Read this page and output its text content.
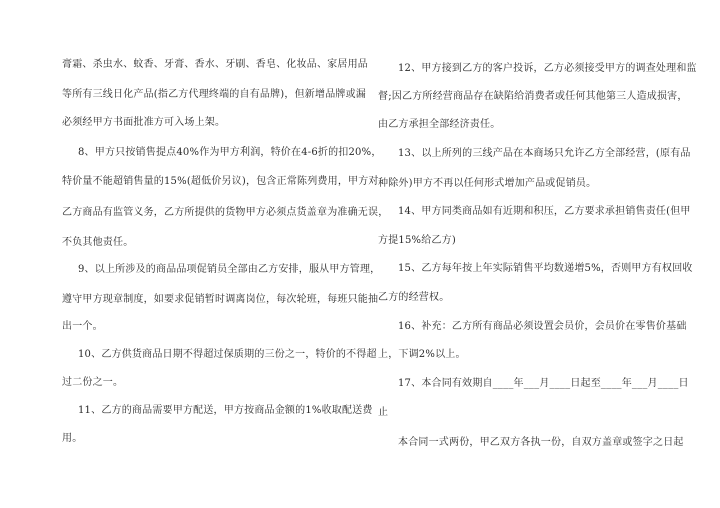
膏霜、杀虫水、蚊香、牙膏、香水、牙刷、香皂、化妆品、家居用品
等所有三线日化产品(指乙方代理终端的自有品牌)，但新增品牌或漏
必须经甲方书面批准方可入场上架。
8、甲方只按销售提点40%作为甲方利润，特价在4-6折的扣20%，
特价量不能超销售量的15%(超低价另议)，包含正常陈列费用，甲方对
乙方商品有监管义务，乙方所提供的货物甲方必须点货盖章为准确无误，
不负其他责任。
9、以上所涉及的商品品项促销员全部由乙方安排，服从甲方管理，
遵守甲方现章制度，如要求促销暂时调离岗位，每次轮班，每班只能抽
出一个。
10、乙方供货商品日期不得超过保质期的三份之一，特价的不得超
过二份之一。
11、乙方的商品需要甲方配送，甲方按商品金额的1%收取配送费
用。
12、甲方接到乙方的客户投诉，乙方必须接受甲方的调查处理和监
督;因乙方所经营商品存在缺陷给消费者或任何其他第三人造成损害，
由乙方承担全部经济责任。
13、以上所列的三线产品在本商场只允许乙方全部经营，(原有品
种除外)甲方不再以任何形式增加产品或促销员。
14、甲方同类商品如有近期和积压，乙方要求承担销售责任(但甲
方提15%给乙方)
15、乙方每年按上年实际销售平均数递增5%，否则甲方有权回收
乙方的经营权。
16、补充：乙方所有商品必须设置会员价，会员价在零售价基础
上，下调2%以上。
17、本合同有效期自____年___月____日起至____年___月____日
止
本合同一式两份，甲乙双方各执一份，自双方盖章或签字之日起
